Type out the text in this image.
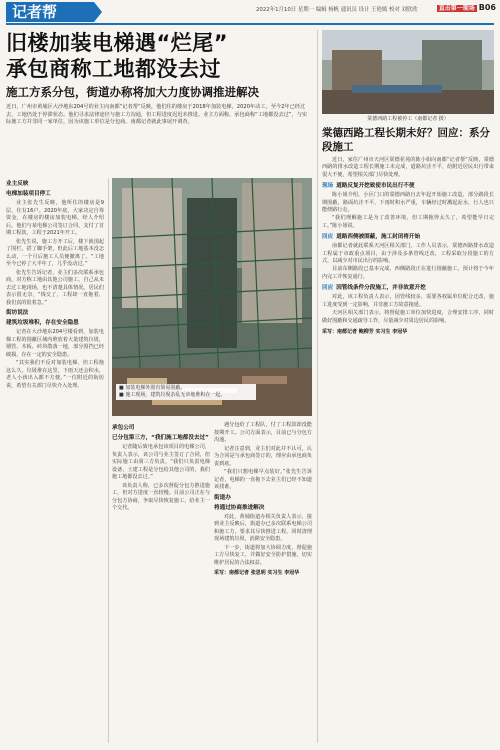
记者帮	2022年1月10日 星期一 编辑 杨帆 通讯员 设计 王艳嫣 校对 刘欣欣	直击第一现场 B06
旧楼加装电梯遇“烂尾”
承包商称工地都没去过
施工方系分包，街道办称将加大力度协调推进解决
近日，广州市黄埔区大沙地东204号的业主向南都“记者帮”反映，他们住的楼房于2018年加装电梯，2020年动工，至今2年已经过去，工地仍处于停滞状态。他们寻求法律途径与施工方沟通，但工程进度迟迟未推进。业主方面称，承包商称“工地都没去过”，与实际施工方并非同一家单位，因为该施工单位是分包商。南都记者就此事展开调查。
业主反映
电梯加装项目停工

业主张先生反映，他所住的楼房是9层，住有16户。2020年底，大家决定自筹资金，在楼房的楼房加装电梯。经人介绍后，他们与某电梯公司签订合同，支付了首期工程款，工程于2021年开工。

张先生说，施工方开工后，楼下就围起了围栏，搭了脚手架，但此后工地基本没怎么动，一个月后施工人员便撤离了。“工地至今已停了大半年了，几乎没动过。”

张先生告诉记者，业主们多次联系承包商，对方称工地由其他公司施工，自己从未去过工地现场，也不清楚具体情况。居民们表示很无奈，“钱交了，工程却一直拖着，我们真的很着急。”

街坊说法
建筑垃圾堆积，存在安全隐患

记者在大沙地东204号楼看到，加装电梯工程的围蔽区域内堆放着大量建筑垃圾，钢管、木板、砖块散落一地，部分围挡已经破损，存在一定的安全隐患。

“其实我们不反对加装电梯，但工程拖这么久，垃圾堆在这里，下雨天还会积水，老人小孩出入都不方便。”一位附近的街坊说，希望有关部门尽快介入处理。	■ 加装电梯外围有简易围蔽。
■ 施工现场，建筑垃圾杂乱无章地堆积在一起。
承包公司
已分包第三方，“我们施工地都没去过”

记者随后致电承包该项目的电梯公司，负责人表示，该公司与业主签订了合同，但实际施工由第三方负责。“我们只负责电梯设备，土建工程是分包给其他公司的，我们施工地都没去过。”

该负责人称，已多次督促分包方推进施工，但对方进度一直较慢。目前公司正在与分包方协商，争取尽快恢复施工，给业主一个交代。

遇分包给了工程队，付了工程款却没能按期开工。公司方面表示，目前已与分包方沟通。

记者注意到，业主们对此并不认可，认为合同是与承包商签订的，理应由承包商负责到底。

“我们只想电梯早点装好。”张先生告诉记者，电梯的一直拖下去业主们已经不知道该找谁。

街道办
将通过协商推进解决

对此，黄埔街道办相关负责人表示，接到业主反映后，街道办已多次联系电梯公司和施工方，要求其尽快推进工程，同时清理现场建筑垃圾，消除安全隐患。

下一步，街道将加大协调力度，督促施工方尽快复工，并做好安全防护措施，切实维护居民的合法权益。

采写：南都记者 张思明 实习生 李冠华
棠德西路工程被停工（南都记者 摄）
棠德西路工程长期未好？回应：系分段施工

近日，家住广州市天河区棠德花苑的陈小姐向南都“记者帮”反映，棠德西路的排水改造工程长期施工未完成，道路坑洼不平，给附近居民出行带来很大不便，希望相关部门尽快处理。

现场 道路反复开挖致使市民出行不便

陈小姐介绍，小区门口的棠德西路自去年起开始施工改造，部分路段长期围蔽，路面坑洼不平，下雨时积水严重，车辆经过时溅起泥水，行人也只能绕路行走。

“我们理解施工是为了改善环境，但工期拖得太久了，希望能早日完工。”陈小姐说。

回应 道路西侧被围蔽，施工封闭将开始

南都记者就此联系天河区相关部门。工作人员表示，棠德西路排水改造工程属于市政重点项目，由于涉及多条管线迁改，工程采取分段施工的方式，以减少对市民出行的影响。

目前东侧路段已基本完成，西侧路段正在进行围蔽施工，预计将于今年内完工并恢复通行。

回应 因管线条件分段施工，并非故意开挖

对此，该工程负责人表示，因管线较多，需要各权属单位配合迁改，施工进度受到一定影响，并非施工方故意拖延。

天河区相关部门表示，将督促施工单位加快进度，合理安排工序，同时做好围蔽和交通疏导工作，尽量减少对周边居民的影响。

采写：南都记者 鲍柳芳 实习生 李冠华
